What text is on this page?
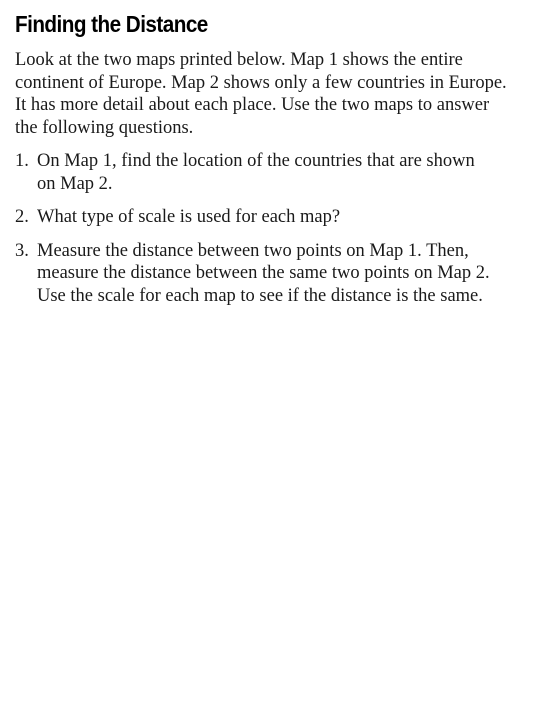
Finding the Distance

Look at the two maps printed below. Map 1 shows the entire
continent of Europe. Map 2 shows only a few countries in Europe.
It has more detail about each place. Use the two maps to answer
the following questions.

1. On Map 1, find the location of the countries that are shown
on Map 2.
2. What type of scale is used for each map?
3. Measure the distance between two points on Map 1. Then,
measure the distance between the same two points on Map 2.
Use the scale for each map to see if the distance is the same.
